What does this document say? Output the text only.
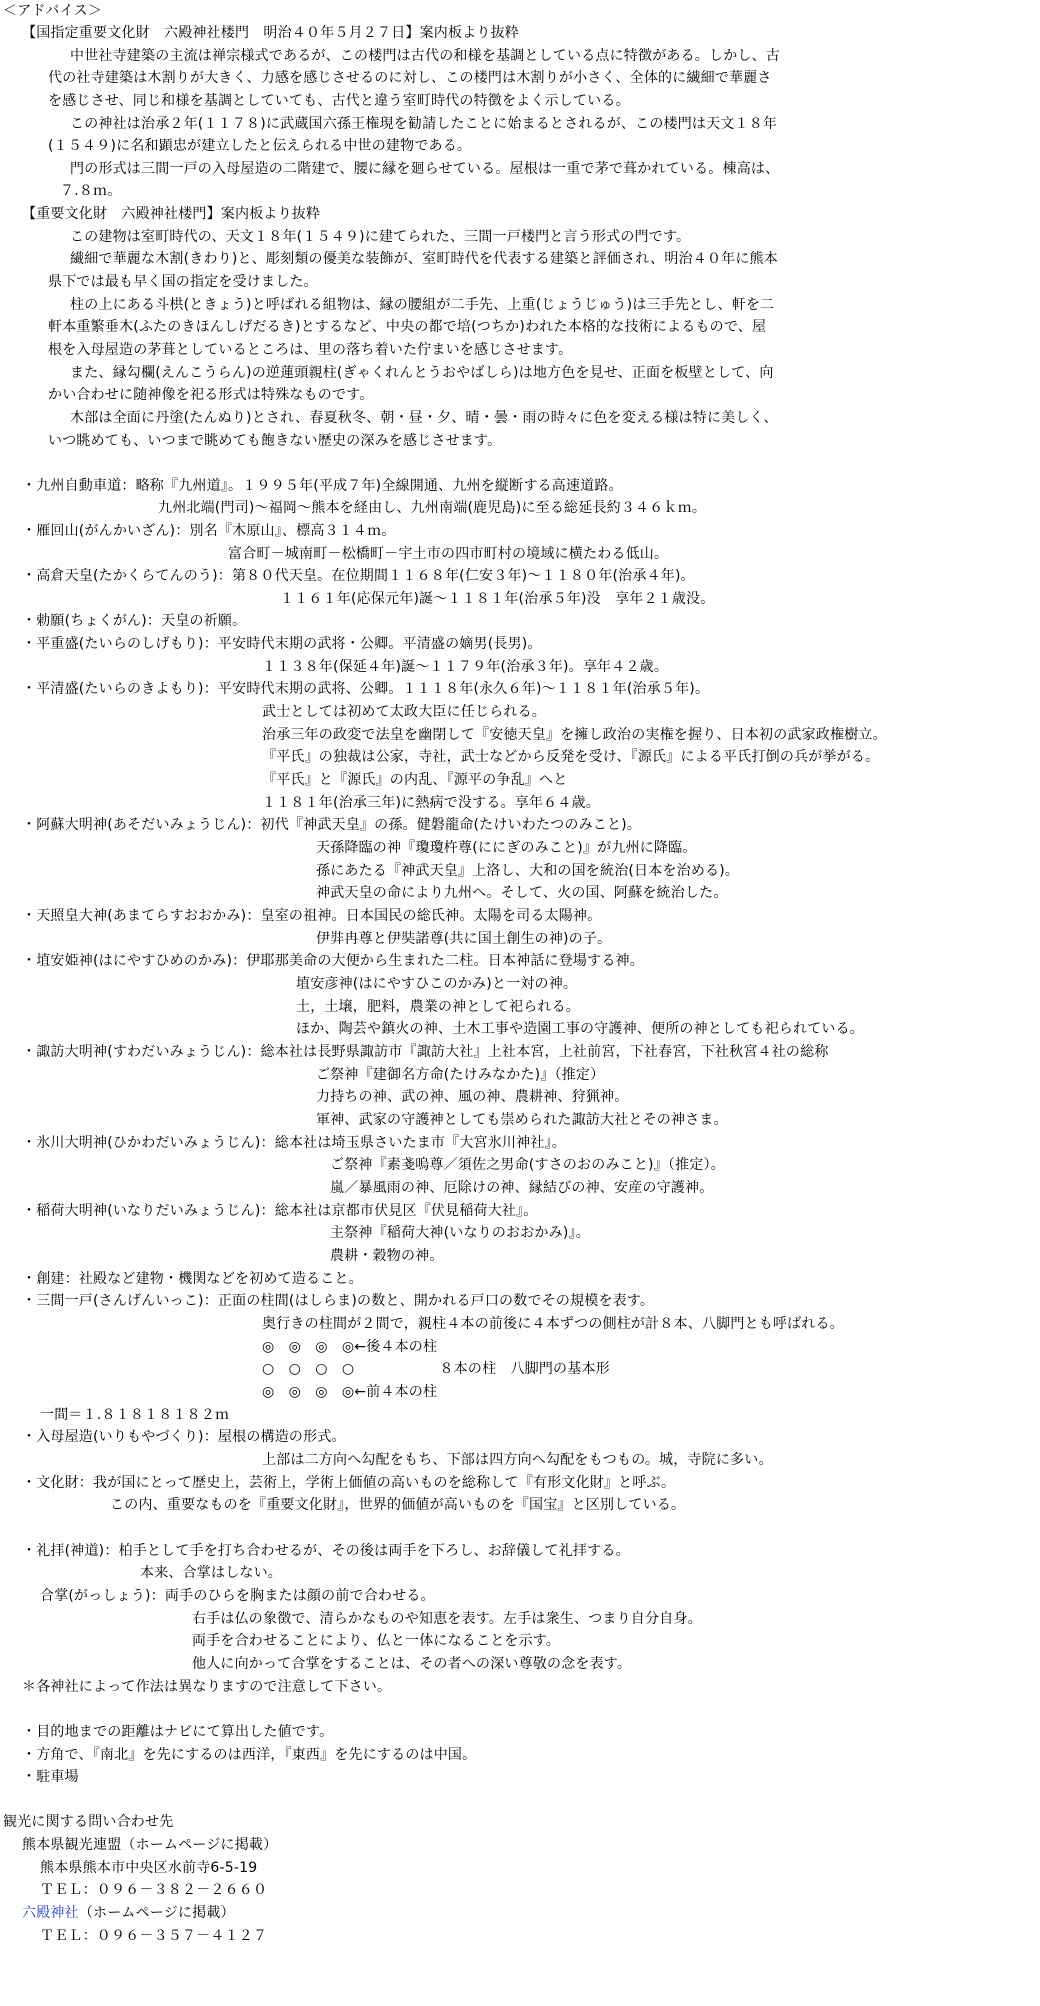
＜アドバイス＞
【国指定重要文化財　六殿神社楼門　明治４０年５月２７日】案内板より抜粋
中世社寺建築の主流は禅宗様式であるが、この楼門は古代の和様を基調としている点に特徴がある。しかし、古
代の社寺建築は木割りが大きく、力感を感じさせるのに対し、この楼門は木割りが小さく、全体的に繊細で華麗さ
を感じさせ、同じ和様を基調としていても、古代と違う室町時代の特徴をよく示している。
この神社は治承２年(１１７８)に武蔵国六孫王権現を勧請したことに始まるとされるが、この楼門は天文１８年
(１５４９)に名和顕忠が建立したと伝えられる中世の建物である。
門の形式は三間一戸の入母屋造の二階建で、腰に縁を廻らせている。屋根は一重で茅で葺かれている。棟高は、
７.８ｍ。
【重要文化財　六殿神社楼門】案内板より抜粋
この建物は室町時代の、天文１８年(１５４９)に建てられた、三間一戸楼門と言う形式の門です。
繊細で華麗な木割(きわり)と、彫刻類の優美な装飾が、室町時代を代表する建築と評価され、明治４０年に熊本
県下では最も早く国の指定を受けました。
柱の上にある斗栱(ときょう)と呼ばれる組物は、縁の腰組が二手先、上重(じょうじゅう)は三手先とし、軒を二
軒本重繁垂木(ふたのきほんしげだるき)とするなど、中央の都で培(つちか)われた本格的な技術によるもので、屋
根を入母屋造の茅葺としているところは、里の落ち着いた佇まいを感じさせます。
また、縁勾欄(えんこうらん)の逆蓮頭親柱(ぎゃくれんとうおやばしら)は地方色を見せ、正面を板壁として、向
かい合わせに随神像を祀る形式は特殊なものです。
木部は全面に丹塗(たんぬり)とされ、春夏秋冬、朝・昼・夕、晴・曇・雨の時々に色を変える様は特に美しく、
いつ眺めても、いつまで眺めても飽きない歴史の深みを感じさせます。
・九州自動車道：略称『九州道』。１９９５年(平成７年)全線開通、九州を縦断する高速道路。
九州北端(門司)～福岡～熊本を経由し、九州南端(鹿児島)に至る総延長約３４６ｋｍ。
・雁回山(がんかいざん)：別名『木原山』、標高３１４ｍ。
富合町－城南町－松橋町－宇土市の四市町村の境域に横たわる低山。
・高倉天皇(たかくらてんのう)：第８０代天皇。在位期間１１６８年(仁安３年)～１１８０年(治承４年)。
１１６１年(応保元年)誕～１１８１年(治承５年)没　享年２１歳没。
・勅願(ちょくがん)：天皇の祈願。
・平重盛(たいらのしげもり)：平安時代末期の武将・公卿。平清盛の嫡男(長男)。
１１３８年(保延４年)誕～１１７９年(治承３年)。享年４２歳。
・平清盛(たいらのきよもり)：平安時代末期の武将、公卿。１１１８年(永久６年)～１１８１年(治承５年)。
武士としては初めて太政大臣に任じられる。
治承三年の政変で法皇を幽閉して『安徳天皇』を擁し政治の実権を握り、日本初の武家政権樹立。
『平氏』の独裁は公家，寺社，武士などから反発を受け、『源氏』による平氏打倒の兵が挙がる。
『平氏』と『源氏』の内乱、『源平の争乱』へと
１１８１年(治承三年)に熱病で没する。享年６４歳。
・阿蘇大明神(あそだいみょうじん)：初代『神武天皇』の孫。健磐龍命(たけいわたつのみこと)。
天孫降臨の神『瓊瓊杵尊(ににぎのみこと)』が九州に降臨。
孫にあたる『神武天皇』上洛し、大和の国を統治(日本を治める)。
神武天皇の命により九州へ。そして、火の国、阿蘇を統治した。
・天照皇大神(あまてらすおおかみ)：皇室の祖神。日本国民の総氏神。太陽を司る太陽神。
伊弉冉尊と伊奘諾尊(共に国土創生の神)の子。
・埴安姫神(はにやすひめのかみ)：伊耶那美命の大便から生まれた二柱。日本神話に登場する神。
埴安彦神(はにやすひこのかみ)と一対の神。
土，土壌，肥料，農業の神として祀られる。
ほか、陶芸や鎮火の神、土木工事や造園工事の守護神、便所の神としても祀られている。
・諏訪大明神(すわだいみょうじん)：総本社は長野県諏訪市『諏訪大社』上社本宮，上社前宮，下社春宮，下社秋宮４社の総称
ご祭神『建御名方命(たけみなかた)』（推定）
力持ちの神、武の神、風の神、農耕神、狩猟神。
軍神、武家の守護神としても崇められた諏訪大社とその神さま。
・氷川大明神(ひかわだいみょうじん)：総本社は埼玉県さいたま市『大宮氷川神社』。
ご祭神『素戔嗚尊／須佐之男命(すさのおのみこと)』（推定）。
嵐／暴風雨の神、厄除けの神、縁結びの神、安産の守護神。
・稲荷大明神(いなりだいみょうじん)：総本社は京都市伏見区『伏見稲荷大社』。
主祭神『稲荷大神(いなりのおおかみ)』。
農耕・穀物の神。
・創建：社殿など建物・機関などを初めて造ること。
・三間一戸(さんげんいっこ)：正面の柱間(はしらま)の数と、開かれる戸口の数でその規模を表す。
奥行きの柱間が２間で，親柱４本の前後に４本ずつの側柱が計８本、八脚門とも呼ばれる。
◎　◎　◎　◎←後４本の柱
○　○　○　○　　　　　　８本の柱　八脚門の基本形
◎　◎　◎　◎←前４本の柱
一間＝１.８１８１８１８２ｍ
・入母屋造(いりもやづくり)：屋根の構造の形式。
上部は二方向へ勾配をもち、下部は四方向へ勾配をもつもの。城，寺院に多い。
・文化財：我が国にとって歴史上，芸術上，学術上価値の高いものを総称して『有形文化財』と呼ぶ。
この内、重要なものを『重要文化財』，世界的価値が高いものを『国宝』と区別している。
・礼拝(神道)：柏手として手を打ち合わせるが、その後は両手を下ろし、お辞儀して礼拝する。
本来、合掌はしない。
合掌(がっしょう)：両手のひらを胸または顔の前で合わせる。
右手は仏の象徴で、清らかなものや知恵を表す。左手は衆生、つまり自分自身。
両手を合わせることにより、仏と一体になることを示す。
他人に向かって合掌をすることは、その者への深い尊敬の念を表す。
＊各神社によって作法は異なりますので注意して下さい。
・目的地までの距離はナビにて算出した値です。
・方角で、『南北』を先にするのは西洋，『東西』を先にするのは中国。
・駐車場
観光に関する問い合わせ先
熊本県観光連盟（ホームページに掲載）
熊本県熊本市中央区水前寺6-5-19
ＴＥＬ：０９６－３８２－２６６０
六殿神社（ホームページに掲載）
ＴＥＬ：０９６－３５７－４１２７
